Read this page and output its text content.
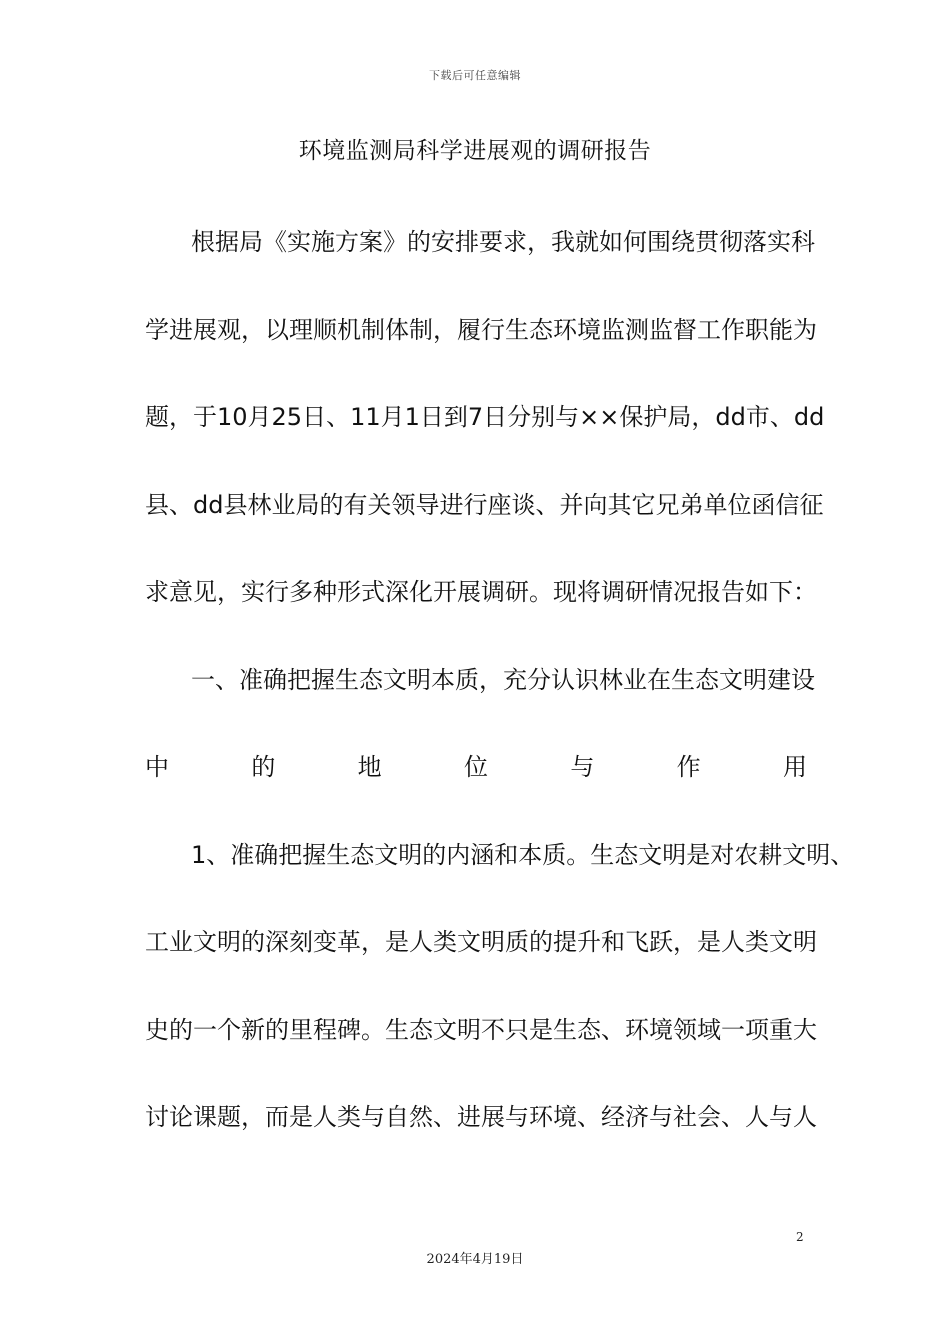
下载后可任意编辑
环境监测局科学进展观的调研报告
根据局《实施方案》的安排要求，我就如何围绕贯彻落实科
学进展观，以理顺机制体制，履行生态环境监测监督工作职能为
题，于10月25日、11月1日到7日分别与××保护局，dd市、dd
县、dd县林业局的有关领导进行座谈、并向其它兄弟单位函信征
求意见，实行多种形式深化开展调研。现将调研情况报告如下：
一、准确把握生态文明本质，充分认识林业在生态文明建设
中	的	地	位	与	作	用
1、准确把握生态文明的内涵和本质。生态文明是对农耕文明、
工业文明的深刻变革，是人类文明质的提升和飞跃，是人类文明
史的一个新的里程碑。生态文明不只是生态、环境领域一项重大
讨论课题，而是人类与自然、进展与环境、经济与社会、人与人
2
2024年4月19日
